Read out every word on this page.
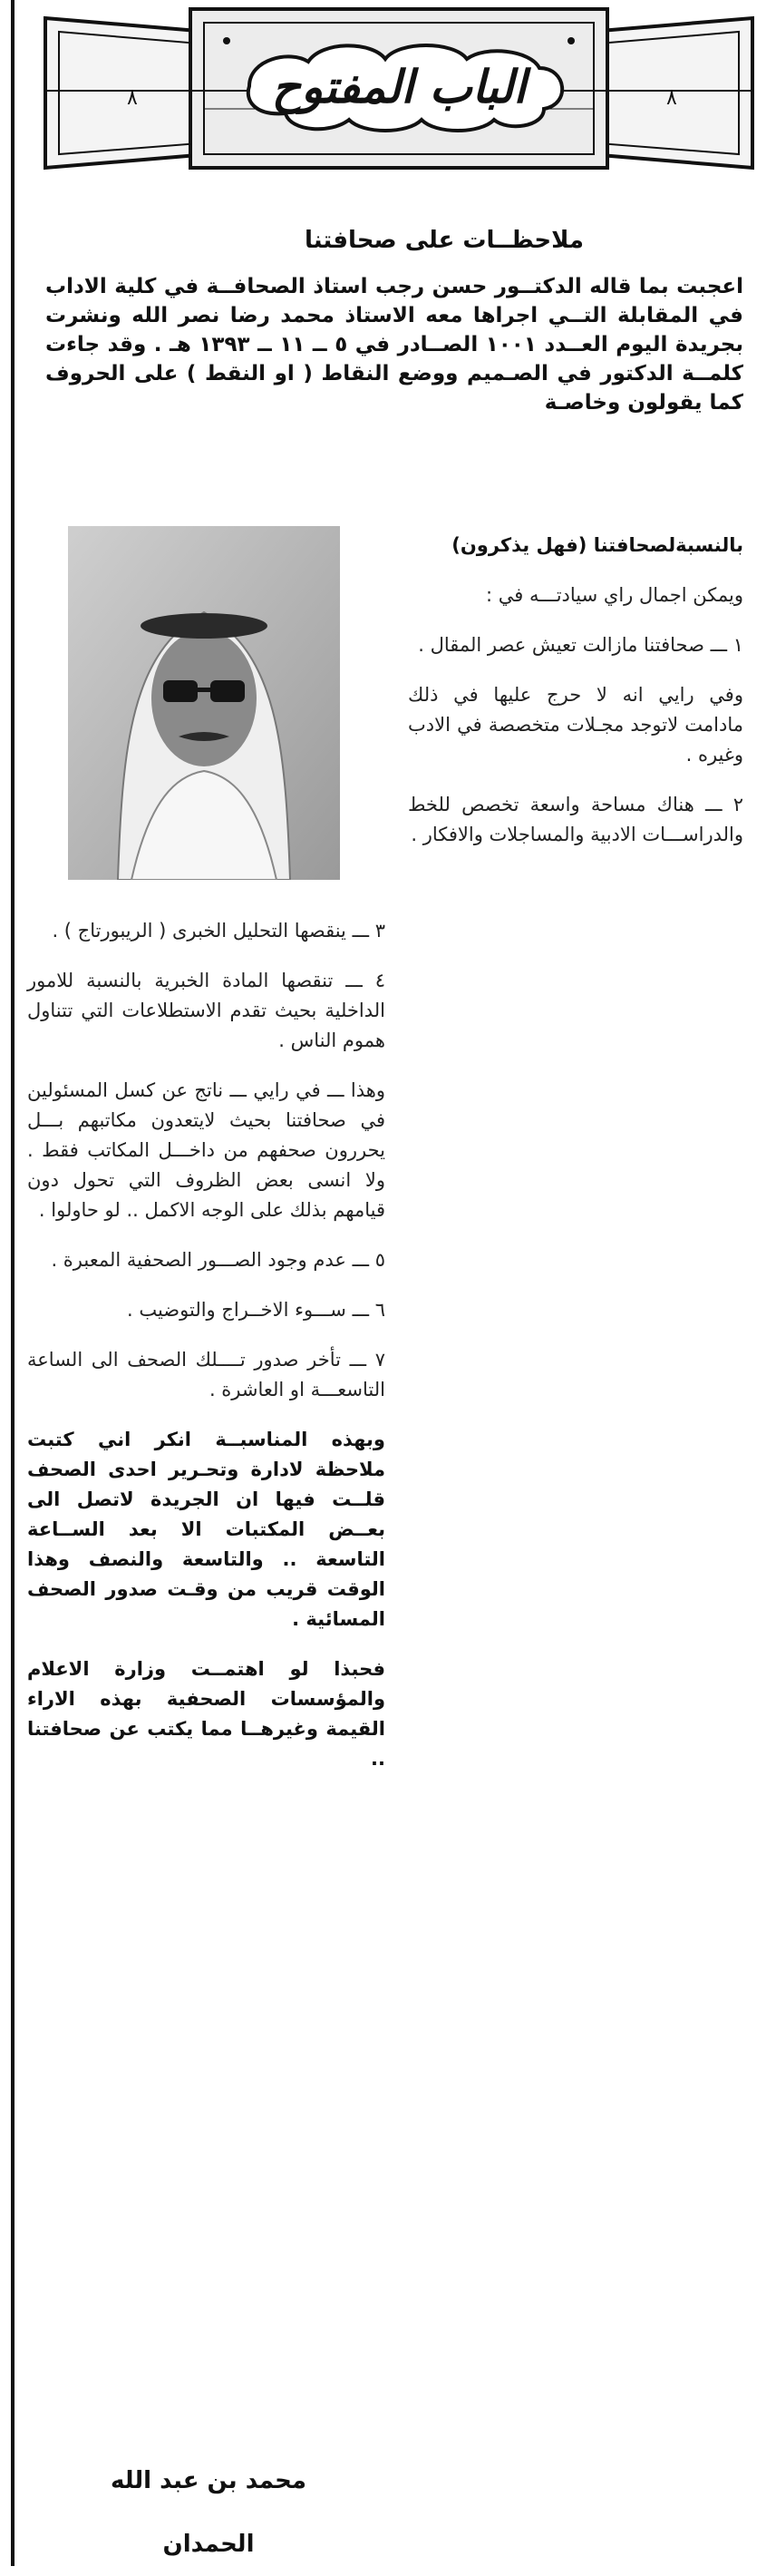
٨	٨
الباب المفتوح
ملاحظــات على صحافتنا

اعجبت بما قاله الدكتــور حسن رجب استاذ الصحافــة في كلية الاداب في المقابلة التــي اجراها معه الاستاذ محمد رضا نصر الله ونشرت بجريدة اليوم العــدد ١٠٠١ الصــادر في ٥ ــ ١١ ــ ١٣٩٣ هـ . وقد جاءت كلمــة الدكتور في الصـميم ووضع النقاط ( او النقط ) على الحروف كما يقولون وخاصـة

بالنسبةلصحافتنا (فهل يذكرون)

ويمكن اجمال راي سيادتـــه في :

١ ـــ صحافتنا مازالت تعيش عصر المقال .

وفي رايي انه لا حرج عليها في ذلك مادامت لاتوجد مجـلات متخصصة في الادب وغيره .

٢ ـــ هناك مساحة واسعة تخصص للخط والدراســـات الادبية والمساجلات والافكار .

٣ ـــ ينقصها التحليل الخبرى ( الريبورتاج ) .

٤ ـــ تنقصها المادة الخبرية بالنسبة للامور الداخلية بحيث تقدم الاستطلاعات التي تتناول هموم الناس .

وهذا ـــ في رايي ـــ ناتج عن كسل المسئولين في صحافتنا بحيث لايتعدون مكاتبهم بـــل يحررون صحفهم من داخـــل المكاتب فقط . ولا انسى بعض الظروف التي تحول دون قيامهم بذلك على الوجه الاكمل .. لو حاولوا .

٥ ـــ عدم وجود الصـــور الصحفية المعبرة .

٦ ـــ ســـوء الاخــراج والتوضيب .

٧ ـــ تأخر صدور تــــلك الصحف الى الساعة التاسعـــة او العاشرة .

وبهذه المناسبــة انكر اني كتبت ملاحظة لادارة وتحـرير احدى الصحف قلــت فيها ان الجريدة لاتصل الى بعــض المكتبات الا بعد الســاعة التاسعة .. والتاسعة والنصف وهذا الوقت قريب من وقـت صدور الصحف المسائية .

فحبذا لو اهتمــت وزارة الاعلام والمؤسسات الصحفية بهذه الاراء القيمة وغيرهــا مما يكتب عن صحافتنا ..

محمد بن عبد الله
الحمدان
